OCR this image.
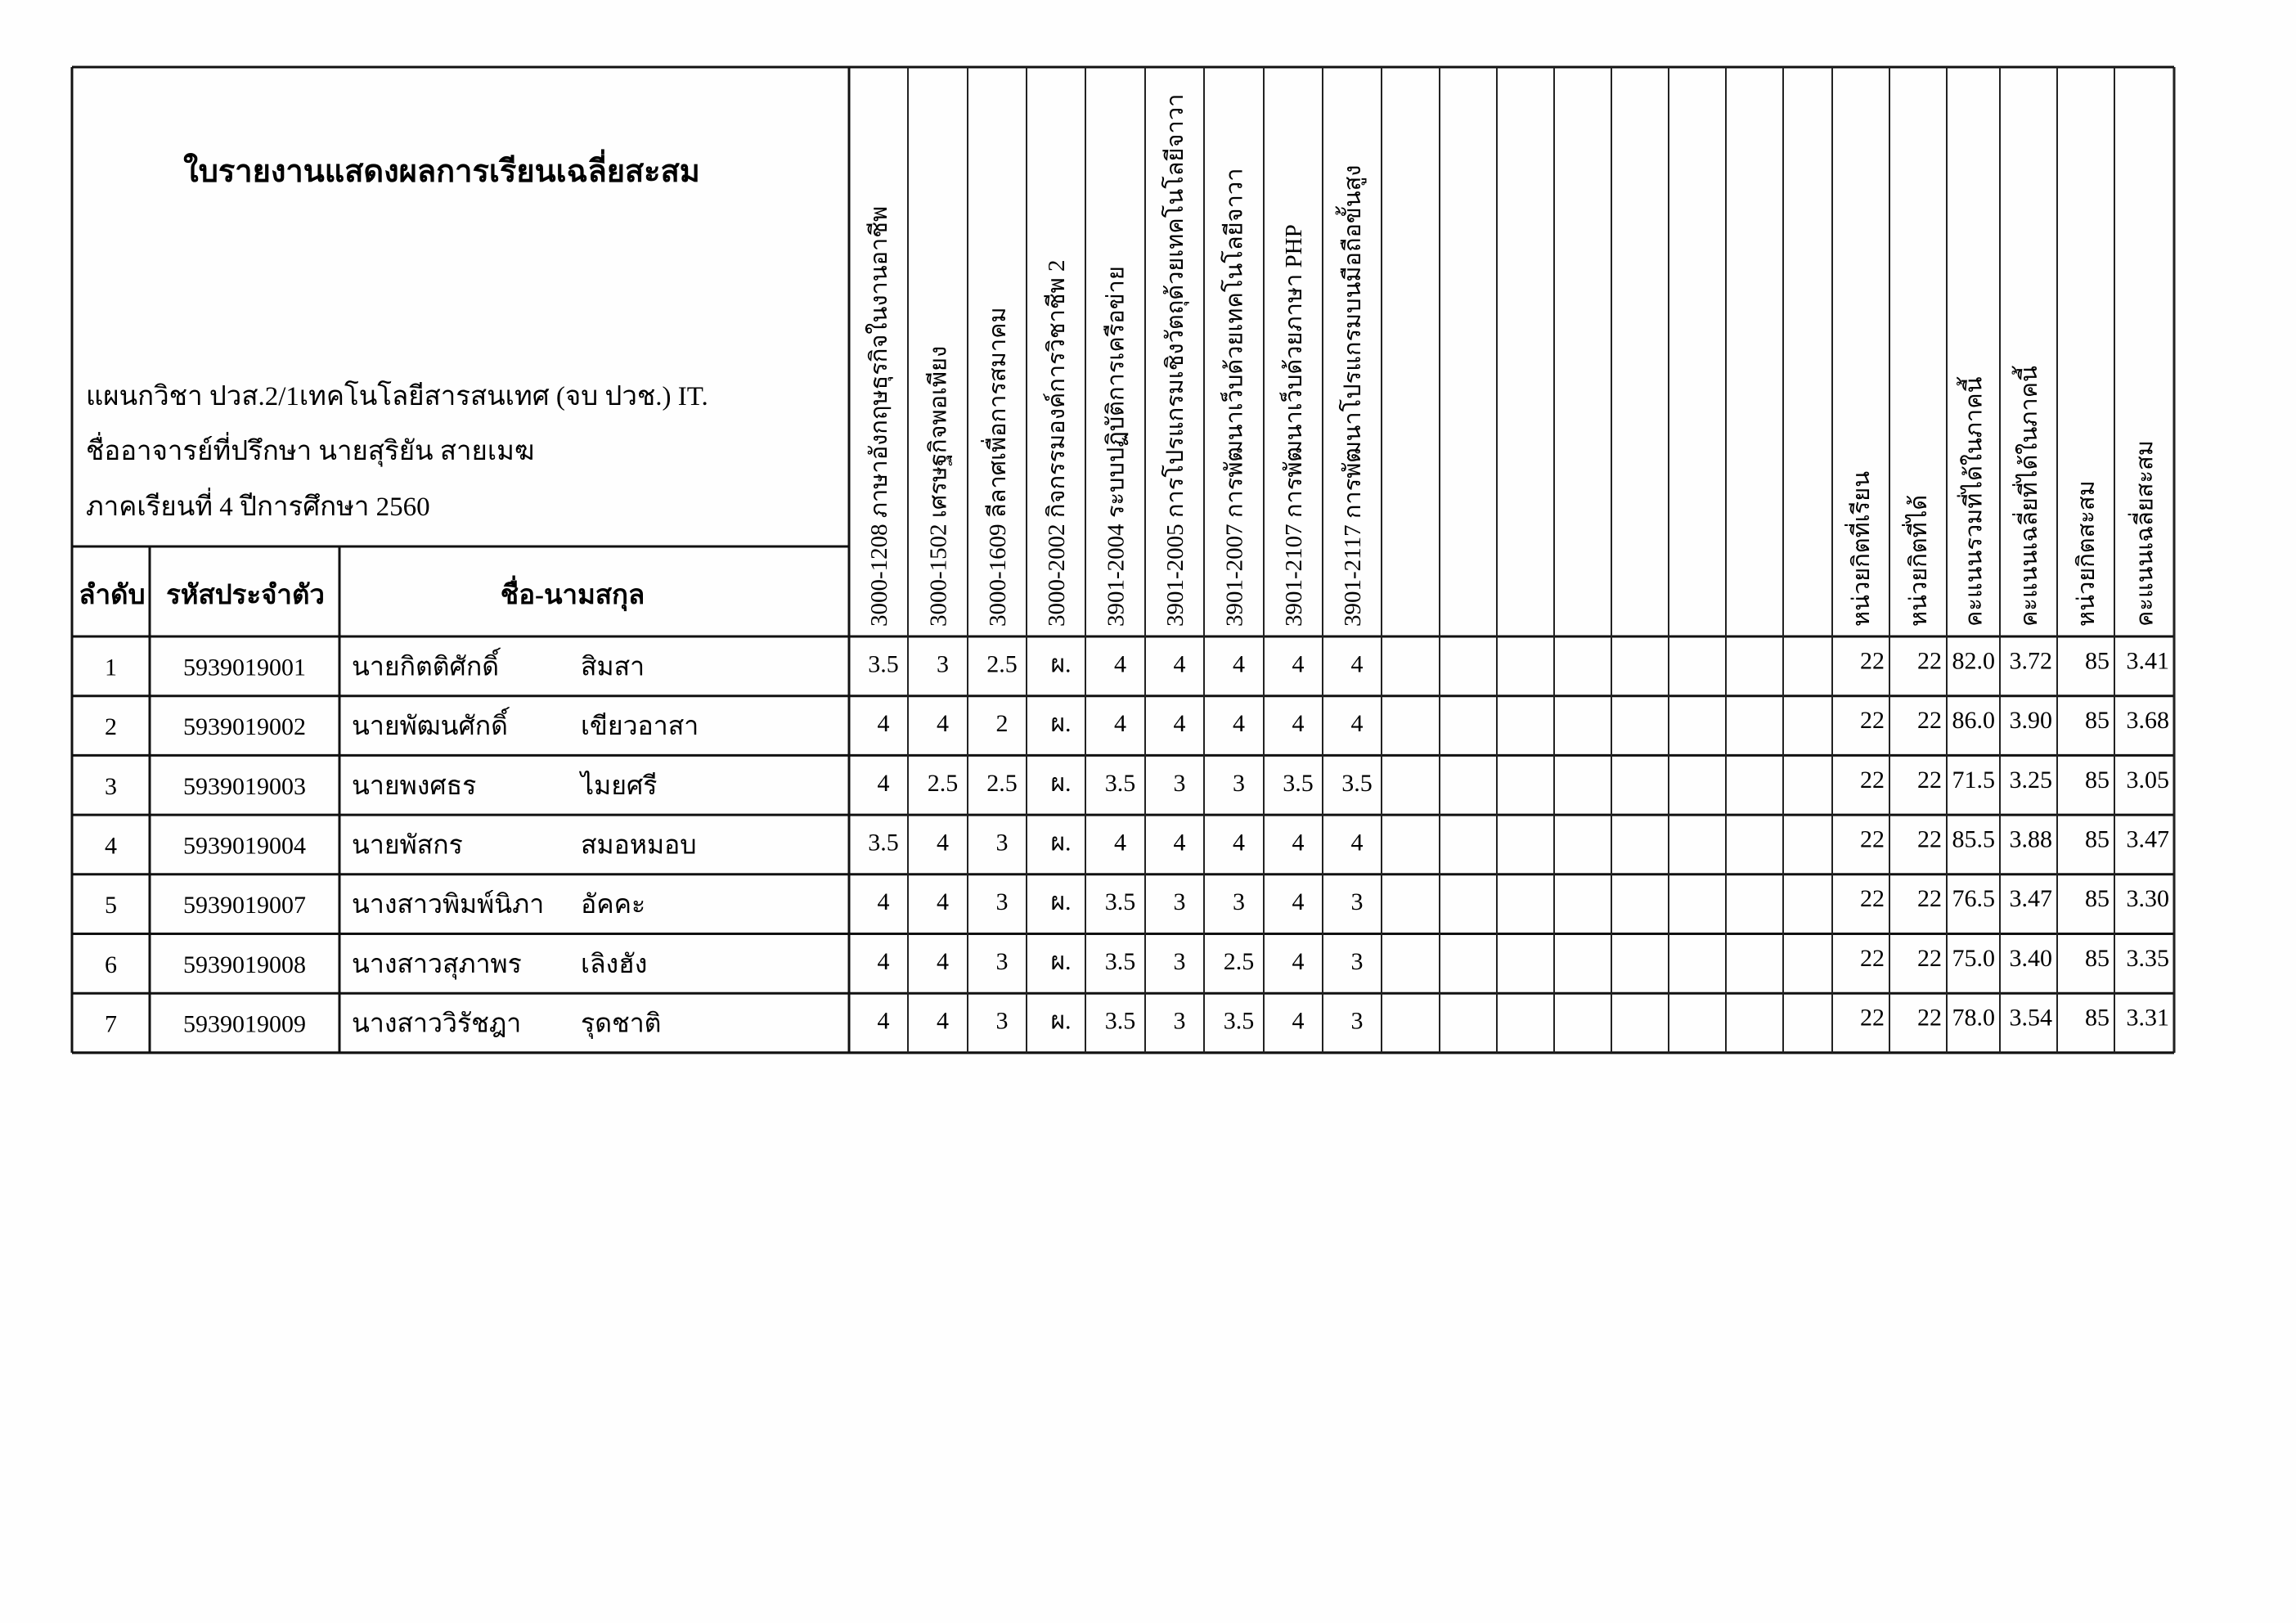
ใบรายงานแสดงผลการเรียนเฉลี่ยสะสม
แผนกวิชา ปวส.2/1เทคโนโลยีสารสนเทศ (จบ ปวช.) IT.
ชื่ออาจารย์ที่ปรึกษา นายสุริยัน สายเมฆ
ภาคเรียนที่ 4 ปีการศึกษา 2560
ลำดับ รหัสประจำตัว	ชื่อ-นามสกุล	3000-1208 ภาษาอังกฤษธุรกิจในงานอาชีพ 3000-1502 เศรษฐกิจพอเพียง 3000-1609 ลีลาศเพื่อการสมาคม 3000-2002 กิจกรรมองค์การวิชาชีพ 2 3901-2004 ระบบปฏิบัติการเครือข่าย 3901-2005 การโปรแกรมเชิงวัตถุด้วยเทคโนโลยีจาวา 3901-2007 การพัฒนาเว็บด้วยเทคโนโลยีจาวา 3901-2107 การพัฒนาเว็บด้วยภาษา PHP 3901-2117 การพัฒนาโปรแกรมบนมือถือขั้นสูง	หน่วยกิตที่เรียน หน่วยกิตที่ได้ คะแนนรวมที่ได้ในภาคนี้ คะแนนเฉลี่ยที่ได้ในภาคนี้ หน่วยกิตสะสม คะแนนเฉลี่ยสะสม
1	5939019001 นายกิตติศักดิ์	สิมสา	3.5 3 2.5 ผ. 4 4 4 4 4	22 22 82.0 3.72 85 3.41
2	5939019002 นายพัฒนศักดิ์	เขียวอาสา	4 4 2 ผ. 4 4 4 4 4	22 22 86.0 3.90 85 3.68
3	5939019003 นายพงศธร	ไมยศรี	4 2.5 2.5 ผ. 3.5 3 3 3.5 3.5	22 22 71.5 3.25 85 3.05
4	5939019004 นายพัสกร	สมอหมอบ	3.5 4 3 ผ. 4 4 4 4 4	22 22 85.5 3.88 85 3.47
5	5939019007 นางสาวพิมพ์นิภา อัคคะ	4 4 3 ผ. 3.5 3 3 4 3	22 22 76.5 3.47 85 3.30
6	5939019008 นางสาวสุภาพร เลิงฮัง	4 4 3 ผ. 3.5 3 2.5 4 3	22 22 75.0 3.40 85 3.35
7	5939019009 นางสาววิรัชฎา รุดชาติ	4 4 3 ผ. 3.5 3 3.5 4 3	22 22 78.0 3.54 85 3.31
